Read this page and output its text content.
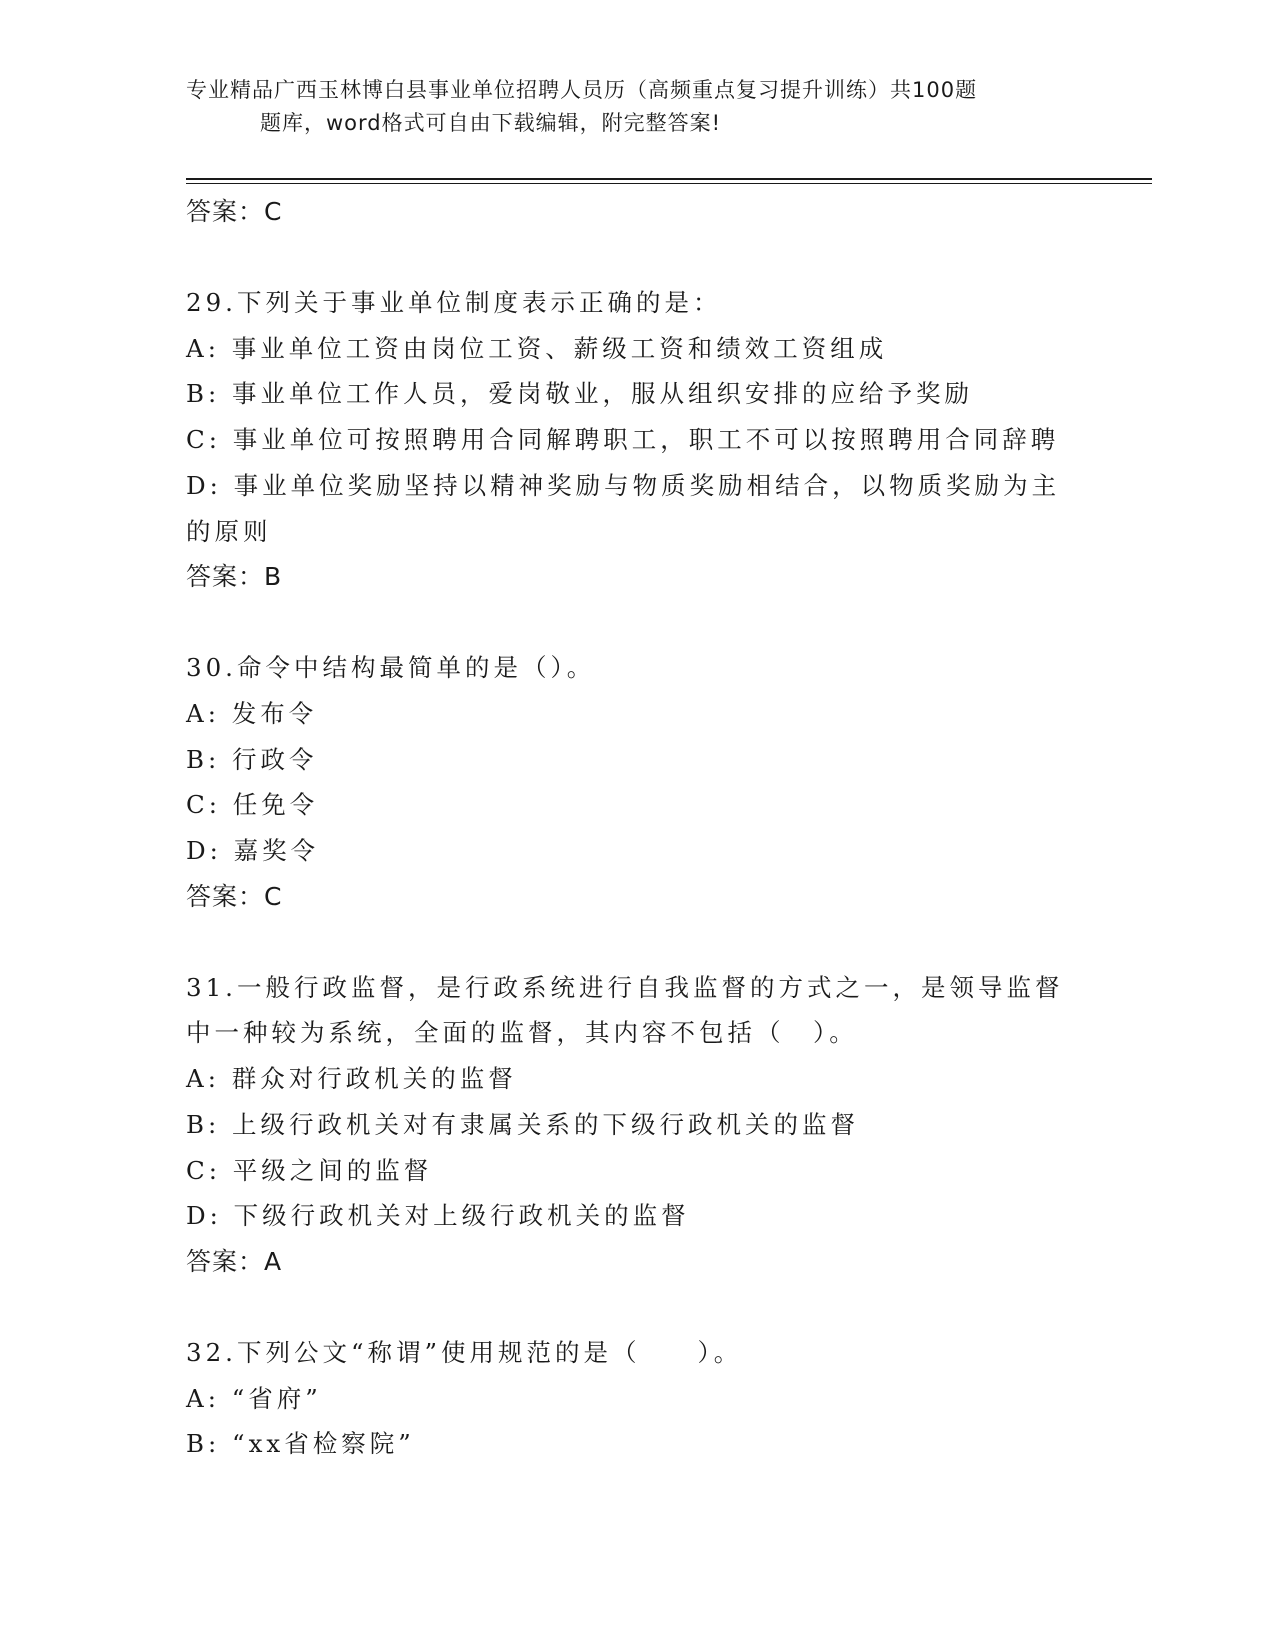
专业精品广西玉林博白县事业单位招聘人员历（高频重点复习提升训练）共100题
题库，word格式可自由下载编辑，附完整答案!
答案：C
29.下列关于事业单位制度表示正确的是：
A: 事业单位工资由岗位工资、薪级工资和绩效工资组成
B: 事业单位工作人员，爱岗敬业，服从组织安排的应给予奖励
C: 事业单位可按照聘用合同解聘职工，职工不可以按照聘用合同辞聘
D: 事业单位奖励坚持以精神奖励与物质奖励相结合，以物质奖励为主的原则
答案：B
30.命令中结构最简单的是（）。
A: 发布令
B: 行政令
C: 任免令
D: 嘉奖令
答案：C
31.一般行政监督，是行政系统进行自我监督的方式之一，是领导监督中一种较为系统，全面的监督，其内容不包括（　）。
A: 群众对行政机关的监督
B: 上级行政机关对有隶属关系的下级行政机关的监督
C: 平级之间的监督
D: 下级行政机关对上级行政机关的监督
答案：A
32.下列公文“称谓”使用规范的是（　　）。
A: “省府”
B: “xx省检察院”
